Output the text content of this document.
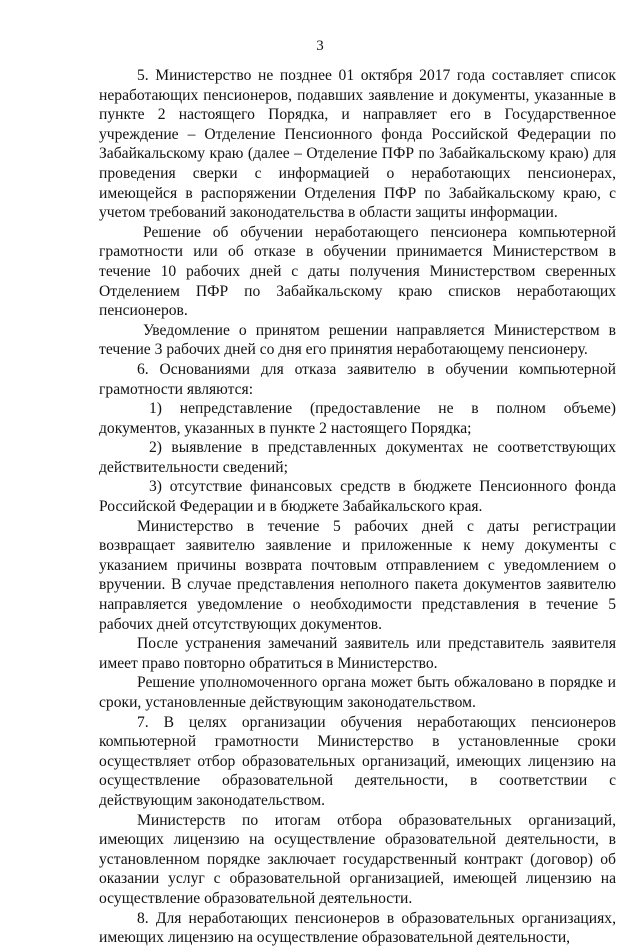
3

5. Министерство не позднее 01 октября 2017 года составляет список неработающих пенсионеров, подавших заявление и документы, указанные в пункте 2 настоящего Порядка, и направляет его в Государственное учреждение – Отделение Пенсионного фонда Российской Федерации по Забайкальскому краю (далее – Отделение ПФР по Забайкальскому краю) для проведения сверки с информацией о неработающих пенсионерах, имеющейся в распоряжении Отделения ПФР по Забайкальскому краю, с учетом требований законодательства в области защиты информации.

Решение об обучении неработающего пенсионера компьютерной грамотности или об отказе в обучении принимается Министерством в течение 10 рабочих дней с даты получения Министерством сверенных Отделением ПФР по Забайкальскому краю списков неработающих пенсионеров.

Уведомление о принятом решении направляется Министерством в течение 3 рабочих дней со дня его принятия неработающему пенсионеру.

6. Основаниями для отказа заявителю в обучении компьютерной грамотности являются:

1) непредставление (предоставление не в полном объеме) документов, указанных в пункте 2 настоящего Порядка;

2) выявление в представленных документах не соответствующих действительности сведений;

3) отсутствие финансовых средств в бюджете Пенсионного фонда Российской Федерации и в бюджете Забайкальского края.

Министерство в течение 5 рабочих дней с даты регистрации возвращает заявителю заявление и приложенные к нему документы с указанием причины возврата почтовым отправлением с уведомлением о вручении. В случае представления неполного пакета документов заявителю направляется уведомление о необходимости представления в течение 5 рабочих дней отсутствующих документов.

После устранения замечаний заявитель или представитель заявителя имеет право повторно обратиться в Министерство.

Решение уполномоченного органа может быть обжаловано в порядке и сроки, установленные действующим законодательством.

7. В целях организации обучения неработающих пенсионеров компьютерной грамотности Министерство в установленные сроки осуществляет отбор образовательных организаций, имеющих лицензию на осуществление образовательной деятельности, в соответствии с действующим законодательством.

Министерств по итогам отбора образовательных организаций, имеющих лицензию на осуществление образовательной деятельности, в установленном порядке заключает государственный контракт (договор) об оказании услуг с образовательной организацией, имеющей лицензию на осуществление образовательной деятельности.

8. Для неработающих пенсионеров в образовательных организациях, имеющих лицензию на осуществление образовательной деятельности,
